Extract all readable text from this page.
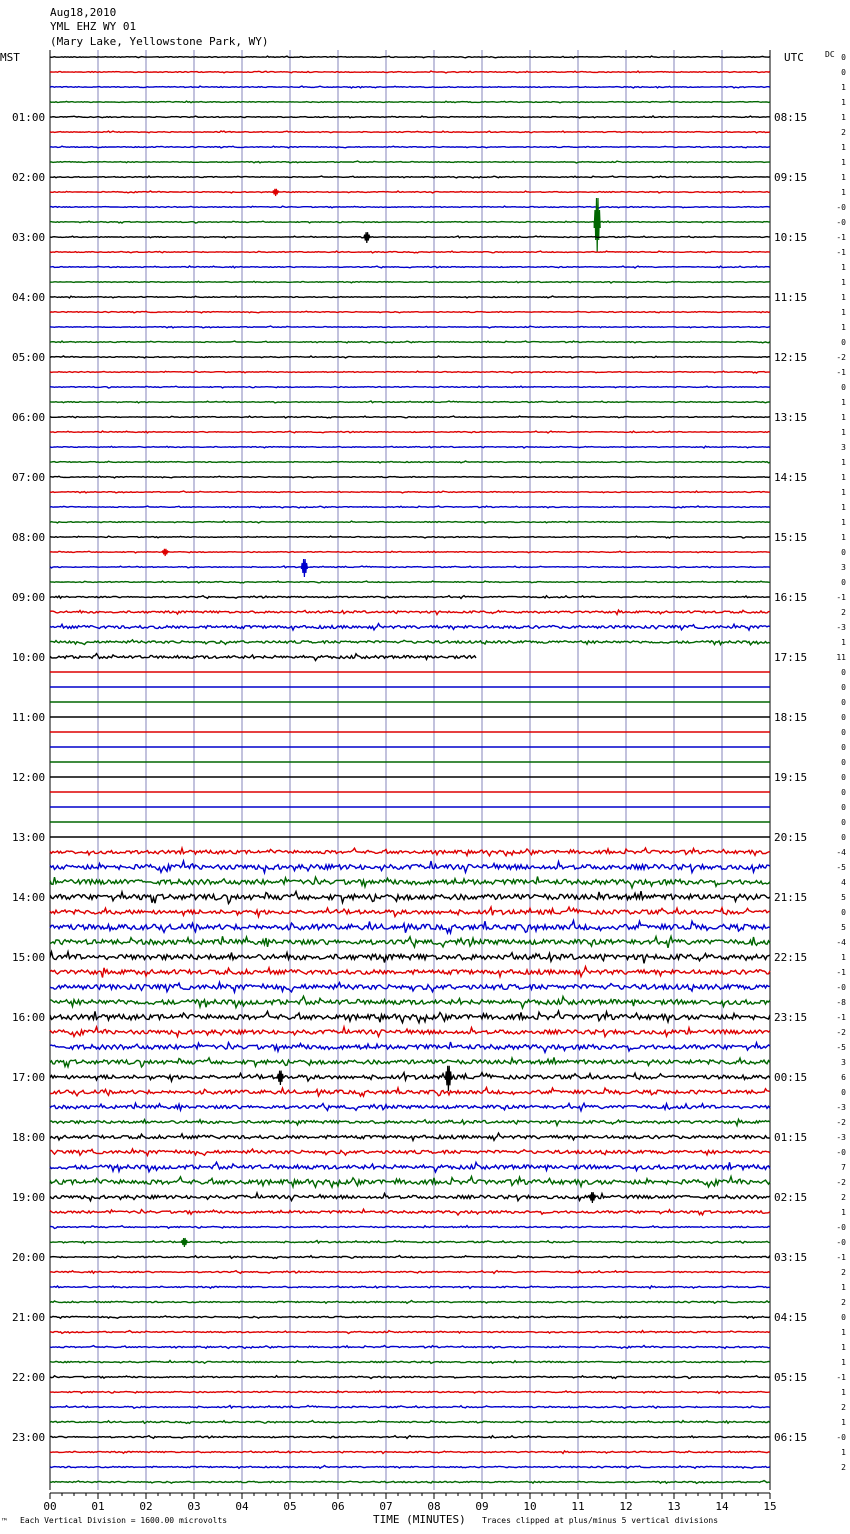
Aug18,2010
YML EHZ WY 01
(Mary Lake, Yellowstone Park, WY)
MST	UTC	DC
01:00
02:00
03:00
04:00
05:00
06:00
07:00
08:00
09:00
10:00
11:00
12:00
13:00
14:00
15:00
16:00
17:00
18:00
19:00
20:00
21:00
22:00
23:00
08:15
09:15
10:15
11:15
12:15
13:15
14:15
15:15
16:15
17:15
18:15
19:15
20:15
21:15
22:15
23:15
00:15
01:15
02:15
03:15
04:15
05:15
06:15
0
0
1
1
1
2
1
1
1
1
-0
-0
-1
-1
1
1
1
1
1
0
-2
-1
0
1
1
1
3
1
1
1
1
1
1
0
3
0
-1
2
-3
1
11
0
0
0
0
0
0
0
0
0
0
0
0
-4
-5
4
5
0
5
-4
1
-1
-0
-8
-1
-2
-5
3
6
0
-3
-2
-3
-0
7
-2
2
1
-0
-0
-1
2
1
2
0
1
1
1
-1
1
2
1
-0
1
2
00	01	02	03	04	05	06	07	08	09	10	11	12	13	14	15
™ Each Vertical Division = 1600.00 microvolts	TIME (MINUTES) Traces clipped at plus/minus 5 vertical divisions
